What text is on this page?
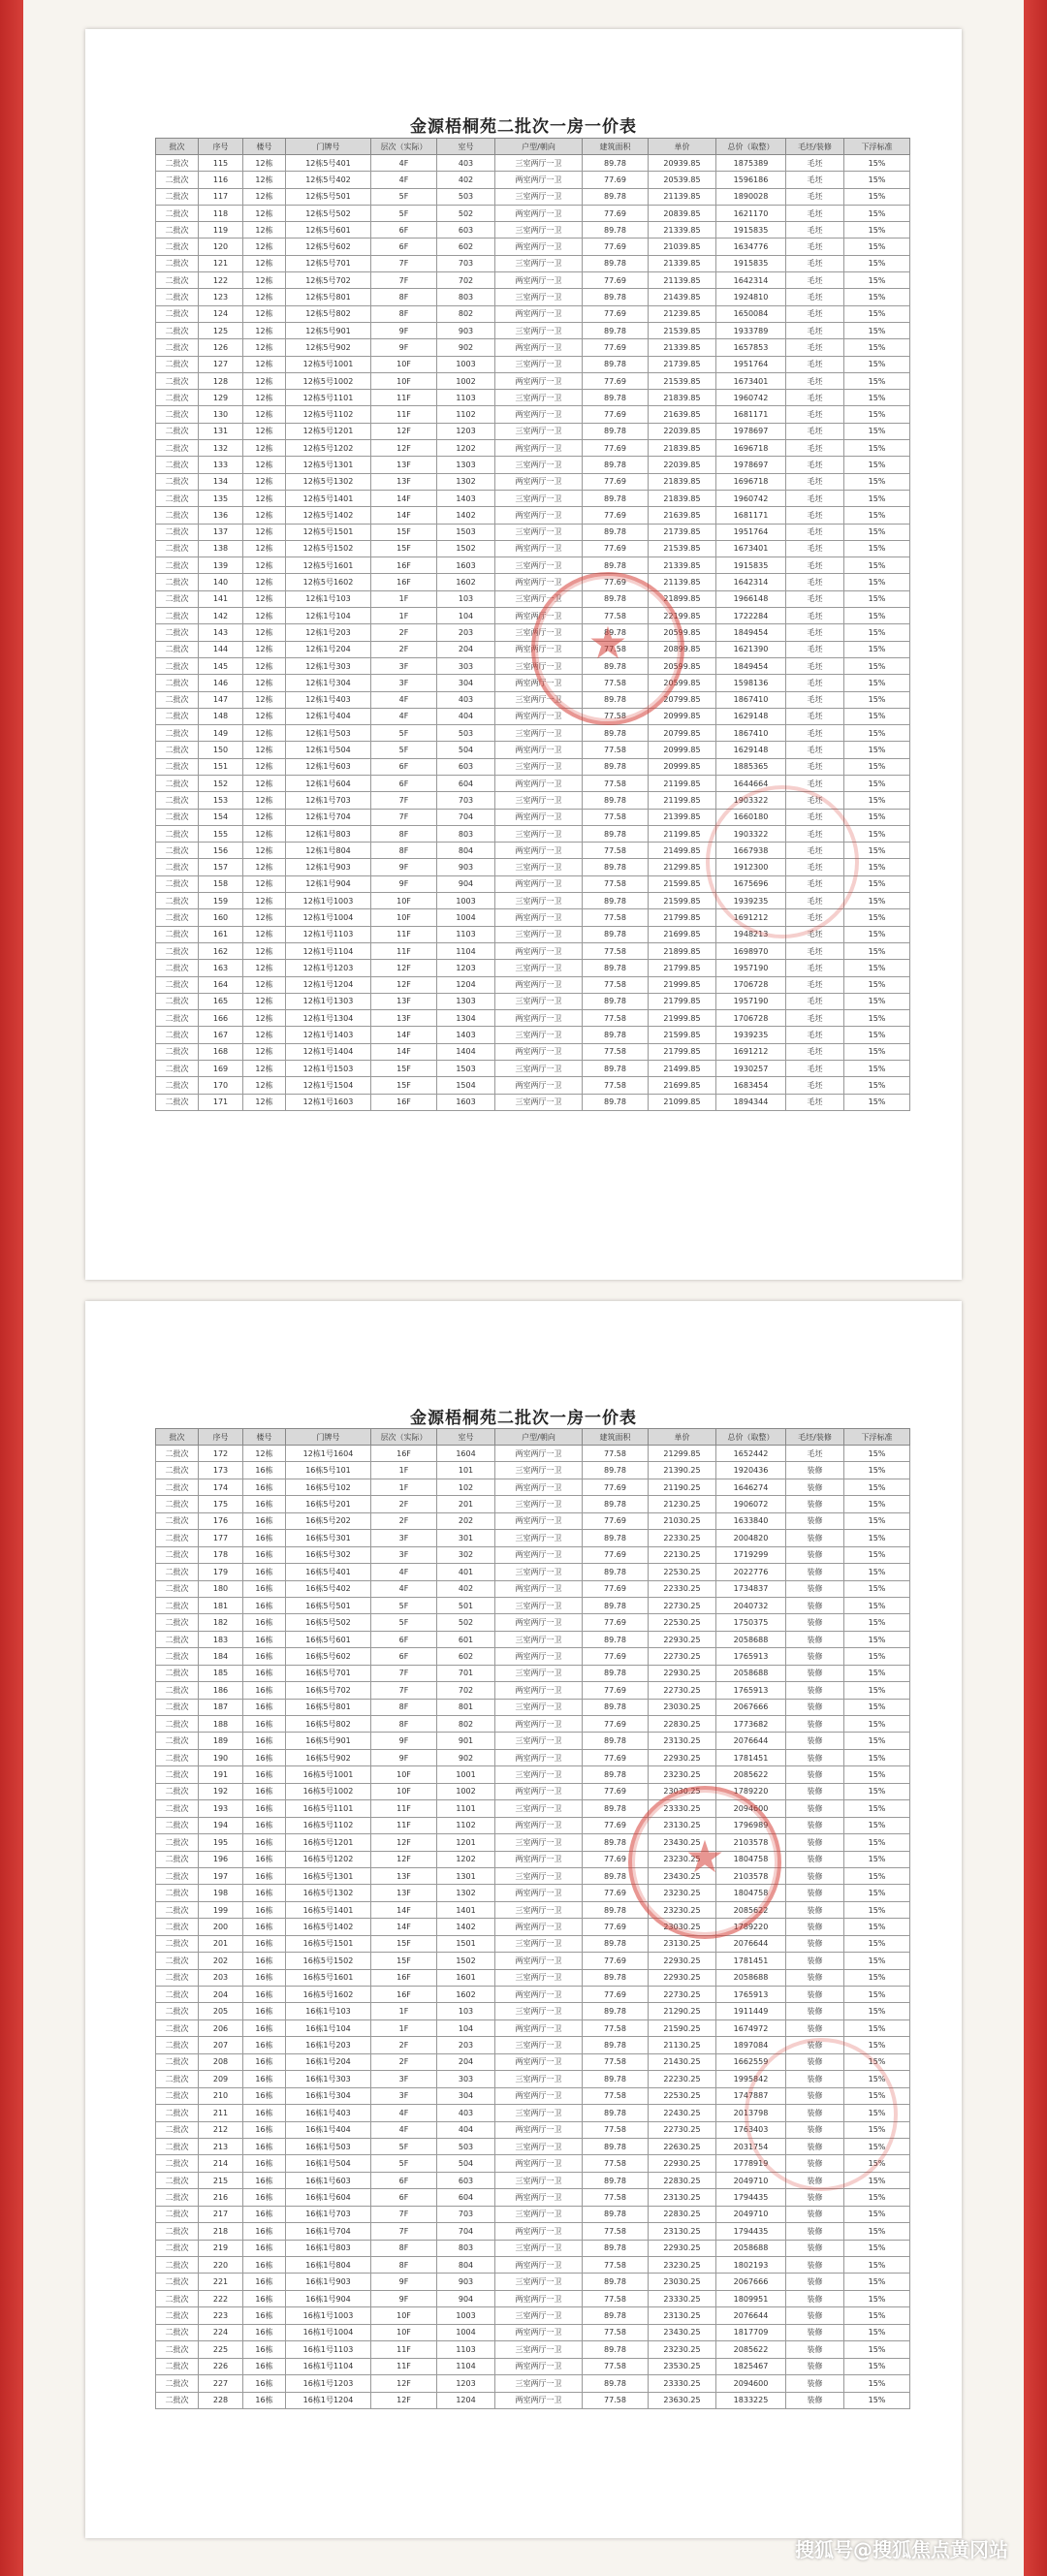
金源梧桐苑二批次一房一价表
批次	序号	楼号	门牌号	层次（实际）	室号	户型/朝向	建筑面积	单价	总价（取整）	毛坯/装修	下浮标准
二批次	115	12栋	12栋5号401	4F	403	三室两厅一卫	89.78	20939.85	1875389	毛坯	15%
二批次	116	12栋	12栋5号402	4F	402	两室两厅一卫	77.69	20539.85	1596186	毛坯	15%
二批次	117	12栋	12栋5号501	5F	503	三室两厅一卫	89.78	21139.85	1890028	毛坯	15%
二批次	118	12栋	12栋5号502	5F	502	两室两厅一卫	77.69	20839.85	1621170	毛坯	15%
二批次	119	12栋	12栋5号601	6F	603	三室两厅一卫	89.78	21339.85	1915835	毛坯	15%
二批次	120	12栋	12栋5号602	6F	602	两室两厅一卫	77.69	21039.85	1634776	毛坯	15%
二批次	121	12栋	12栋5号701	7F	703	三室两厅一卫	89.78	21339.85	1915835	毛坯	15%
二批次	122	12栋	12栋5号702	7F	702	两室两厅一卫	77.69	21139.85	1642314	毛坯	15%
二批次	123	12栋	12栋5号801	8F	803	三室两厅一卫	89.78	21439.85	1924810	毛坯	15%
二批次	124	12栋	12栋5号802	8F	802	两室两厅一卫	77.69	21239.85	1650084	毛坯	15%
二批次	125	12栋	12栋5号901	9F	903	三室两厅一卫	89.78	21539.85	1933789	毛坯	15%
二批次	126	12栋	12栋5号902	9F	902	两室两厅一卫	77.69	21339.85	1657853	毛坯	15%
二批次	127	12栋	12栋5号1001	10F	1003	三室两厅一卫	89.78	21739.85	1951764	毛坯	15%
二批次	128	12栋	12栋5号1002	10F	1002	两室两厅一卫	77.69	21539.85	1673401	毛坯	15%
二批次	129	12栋	12栋5号1101	11F	1103	三室两厅一卫	89.78	21839.85	1960742	毛坯	15%
二批次	130	12栋	12栋5号1102	11F	1102	两室两厅一卫	77.69	21639.85	1681171	毛坯	15%
二批次	131	12栋	12栋5号1201	12F	1203	三室两厅一卫	89.78	22039.85	1978697	毛坯	15%
二批次	132	12栋	12栋5号1202	12F	1202	两室两厅一卫	77.69	21839.85	1696718	毛坯	15%
二批次	133	12栋	12栋5号1301	13F	1303	三室两厅一卫	89.78	22039.85	1978697	毛坯	15%
二批次	134	12栋	12栋5号1302	13F	1302	两室两厅一卫	77.69	21839.85	1696718	毛坯	15%
二批次	135	12栋	12栋5号1401	14F	1403	三室两厅一卫	89.78	21839.85	1960742	毛坯	15%
二批次	136	12栋	12栋5号1402	14F	1402	两室两厅一卫	77.69	21639.85	1681171	毛坯	15%
二批次	137	12栋	12栋5号1501	15F	1503	三室两厅一卫	89.78	21739.85	1951764	毛坯	15%
二批次	138	12栋	12栋5号1502	15F	1502	两室两厅一卫	77.69	21539.85	1673401	毛坯	15%
二批次	139	12栋	12栋5号1601	16F	1603	三室两厅一卫	89.78	21339.85	1915835	毛坯	15%
二批次	140	12栋	12栋5号1602	16F	1602	两室两厅一卫	77.69	21139.85	1642314	毛坯	15%
二批次	141	12栋	12栋1号103	1F	103	三室两厅一卫	89.78	21899.85	1966148	毛坯	15%
二批次	142	12栋	12栋1号104	1F	104	两室两厅一卫	77.58	22199.85	1722284	毛坯	15%
二批次	143	12栋	12栋1号203	2F	203	三室两厅一卫	89.78	20599.85	1849454	毛坯	15%
二批次	144	12栋	12栋1号204	2F	204	两室两厅一卫	77.58	20899.85	1621390	毛坯	15%
二批次	145	12栋	12栋1号303	3F	303	三室两厅一卫	89.78	20599.85	1849454	毛坯	15%
二批次	146	12栋	12栋1号304	3F	304	两室两厅一卫	77.58	20599.85	1598136	毛坯	15%
二批次	147	12栋	12栋1号403	4F	403	三室两厅一卫	89.78	20799.85	1867410	毛坯	15%
二批次	148	12栋	12栋1号404	4F	404	两室两厅一卫	77.58	20999.85	1629148	毛坯	15%
二批次	149	12栋	12栋1号503	5F	503	三室两厅一卫	89.78	20799.85	1867410	毛坯	15%
二批次	150	12栋	12栋1号504	5F	504	两室两厅一卫	77.58	20999.85	1629148	毛坯	15%
二批次	151	12栋	12栋1号603	6F	603	三室两厅一卫	89.78	20999.85	1885365	毛坯	15%
二批次	152	12栋	12栋1号604	6F	604	两室两厅一卫	77.58	21199.85	1644664	毛坯	15%
二批次	153	12栋	12栋1号703	7F	703	三室两厅一卫	89.78	21199.85	1903322	毛坯	15%
二批次	154	12栋	12栋1号704	7F	704	两室两厅一卫	77.58	21399.85	1660180	毛坯	15%
二批次	155	12栋	12栋1号803	8F	803	三室两厅一卫	89.78	21199.85	1903322	毛坯	15%
二批次	156	12栋	12栋1号804	8F	804	两室两厅一卫	77.58	21499.85	1667938	毛坯	15%
二批次	157	12栋	12栋1号903	9F	903	三室两厅一卫	89.78	21299.85	1912300	毛坯	15%
二批次	158	12栋	12栋1号904	9F	904	两室两厅一卫	77.58	21599.85	1675696	毛坯	15%
二批次	159	12栋	12栋1号1003	10F	1003	三室两厅一卫	89.78	21599.85	1939235	毛坯	15%
二批次	160	12栋	12栋1号1004	10F	1004	两室两厅一卫	77.58	21799.85	1691212	毛坯	15%
二批次	161	12栋	12栋1号1103	11F	1103	三室两厅一卫	89.78	21699.85	1948213	毛坯	15%
二批次	162	12栋	12栋1号1104	11F	1104	两室两厅一卫	77.58	21899.85	1698970	毛坯	15%
二批次	163	12栋	12栋1号1203	12F	1203	三室两厅一卫	89.78	21799.85	1957190	毛坯	15%
二批次	164	12栋	12栋1号1204	12F	1204	两室两厅一卫	77.58	21999.85	1706728	毛坯	15%
二批次	165	12栋	12栋1号1303	13F	1303	三室两厅一卫	89.78	21799.85	1957190	毛坯	15%
二批次	166	12栋	12栋1号1304	13F	1304	两室两厅一卫	77.58	21999.85	1706728	毛坯	15%
二批次	167	12栋	12栋1号1403	14F	1403	三室两厅一卫	89.78	21599.85	1939235	毛坯	15%
二批次	168	12栋	12栋1号1404	14F	1404	两室两厅一卫	77.58	21799.85	1691212	毛坯	15%
二批次	169	12栋	12栋1号1503	15F	1503	三室两厅一卫	89.78	21499.85	1930257	毛坯	15%
二批次	170	12栋	12栋1号1504	15F	1504	两室两厅一卫	77.58	21699.85	1683454	毛坯	15%
二批次	171	12栋	12栋1号1603	16F	1603	三室两厅一卫	89.78	21099.85	1894344	毛坯	15%
★
金源梧桐苑二批次一房一价表
批次	序号	楼号	门牌号	层次（实际）	室号	户型/朝向	建筑面积	单价	总价（取整）	毛坯/装修	下浮标准
二批次	172	12栋	12栋1号1604	16F	1604	两室两厅一卫	77.58	21299.85	1652442	毛坯	15%
二批次	173	16栋	16栋5号101	1F	101	三室两厅一卫	89.78	21390.25	1920436	装修	15%
二批次	174	16栋	16栋5号102	1F	102	两室两厅一卫	77.69	21190.25	1646274	装修	15%
二批次	175	16栋	16栋5号201	2F	201	三室两厅一卫	89.78	21230.25	1906072	装修	15%
二批次	176	16栋	16栋5号202	2F	202	两室两厅一卫	77.69	21030.25	1633840	装修	15%
二批次	177	16栋	16栋5号301	3F	301	三室两厅一卫	89.78	22330.25	2004820	装修	15%
二批次	178	16栋	16栋5号302	3F	302	两室两厅一卫	77.69	22130.25	1719299	装修	15%
二批次	179	16栋	16栋5号401	4F	401	三室两厅一卫	89.78	22530.25	2022776	装修	15%
二批次	180	16栋	16栋5号402	4F	402	两室两厅一卫	77.69	22330.25	1734837	装修	15%
二批次	181	16栋	16栋5号501	5F	501	三室两厅一卫	89.78	22730.25	2040732	装修	15%
二批次	182	16栋	16栋5号502	5F	502	两室两厅一卫	77.69	22530.25	1750375	装修	15%
二批次	183	16栋	16栋5号601	6F	601	三室两厅一卫	89.78	22930.25	2058688	装修	15%
二批次	184	16栋	16栋5号602	6F	602	两室两厅一卫	77.69	22730.25	1765913	装修	15%
二批次	185	16栋	16栋5号701	7F	701	三室两厅一卫	89.78	22930.25	2058688	装修	15%
二批次	186	16栋	16栋5号702	7F	702	两室两厅一卫	77.69	22730.25	1765913	装修	15%
二批次	187	16栋	16栋5号801	8F	801	三室两厅一卫	89.78	23030.25	2067666	装修	15%
二批次	188	16栋	16栋5号802	8F	802	两室两厅一卫	77.69	22830.25	1773682	装修	15%
二批次	189	16栋	16栋5号901	9F	901	三室两厅一卫	89.78	23130.25	2076644	装修	15%
二批次	190	16栋	16栋5号902	9F	902	两室两厅一卫	77.69	22930.25	1781451	装修	15%
二批次	191	16栋	16栋5号1001	10F	1001	三室两厅一卫	89.78	23230.25	2085622	装修	15%
二批次	192	16栋	16栋5号1002	10F	1002	两室两厅一卫	77.69	23030.25	1789220	装修	15%
二批次	193	16栋	16栋5号1101	11F	1101	三室两厅一卫	89.78	23330.25	2094600	装修	15%
二批次	194	16栋	16栋5号1102	11F	1102	两室两厅一卫	77.69	23130.25	1796989	装修	15%
二批次	195	16栋	16栋5号1201	12F	1201	三室两厅一卫	89.78	23430.25	2103578	装修	15%
二批次	196	16栋	16栋5号1202	12F	1202	两室两厅一卫	77.69	23230.25	1804758	装修	15%
二批次	197	16栋	16栋5号1301	13F	1301	三室两厅一卫	89.78	23430.25	2103578	装修	15%
二批次	198	16栋	16栋5号1302	13F	1302	两室两厅一卫	77.69	23230.25	1804758	装修	15%
二批次	199	16栋	16栋5号1401	14F	1401	三室两厅一卫	89.78	23230.25	2085622	装修	15%
二批次	200	16栋	16栋5号1402	14F	1402	两室两厅一卫	77.69	23030.25	1789220	装修	15%
二批次	201	16栋	16栋5号1501	15F	1501	三室两厅一卫	89.78	23130.25	2076644	装修	15%
二批次	202	16栋	16栋5号1502	15F	1502	两室两厅一卫	77.69	22930.25	1781451	装修	15%
二批次	203	16栋	16栋5号1601	16F	1601	三室两厅一卫	89.78	22930.25	2058688	装修	15%
二批次	204	16栋	16栋5号1602	16F	1602	两室两厅一卫	77.69	22730.25	1765913	装修	15%
二批次	205	16栋	16栋1号103	1F	103	三室两厅一卫	89.78	21290.25	1911449	装修	15%
二批次	206	16栋	16栋1号104	1F	104	两室两厅一卫	77.58	21590.25	1674972	装修	15%
二批次	207	16栋	16栋1号203	2F	203	三室两厅一卫	89.78	21130.25	1897084	装修	15%
二批次	208	16栋	16栋1号204	2F	204	两室两厅一卫	77.58	21430.25	1662559	装修	15%
二批次	209	16栋	16栋1号303	3F	303	三室两厅一卫	89.78	22230.25	1995842	装修	15%
二批次	210	16栋	16栋1号304	3F	304	两室两厅一卫	77.58	22530.25	1747887	装修	15%
二批次	211	16栋	16栋1号403	4F	403	三室两厅一卫	89.78	22430.25	2013798	装修	15%
二批次	212	16栋	16栋1号404	4F	404	两室两厅一卫	77.58	22730.25	1763403	装修	15%
二批次	213	16栋	16栋1号503	5F	503	三室两厅一卫	89.78	22630.25	2031754	装修	15%
二批次	214	16栋	16栋1号504	5F	504	两室两厅一卫	77.58	22930.25	1778919	装修	15%
二批次	215	16栋	16栋1号603	6F	603	三室两厅一卫	89.78	22830.25	2049710	装修	15%
二批次	216	16栋	16栋1号604	6F	604	两室两厅一卫	77.58	23130.25	1794435	装修	15%
二批次	217	16栋	16栋1号703	7F	703	三室两厅一卫	89.78	22830.25	2049710	装修	15%
二批次	218	16栋	16栋1号704	7F	704	两室两厅一卫	77.58	23130.25	1794435	装修	15%
二批次	219	16栋	16栋1号803	8F	803	三室两厅一卫	89.78	22930.25	2058688	装修	15%
二批次	220	16栋	16栋1号804	8F	804	两室两厅一卫	77.58	23230.25	1802193	装修	15%
二批次	221	16栋	16栋1号903	9F	903	三室两厅一卫	89.78	23030.25	2067666	装修	15%
二批次	222	16栋	16栋1号904	9F	904	两室两厅一卫	77.58	23330.25	1809951	装修	15%
二批次	223	16栋	16栋1号1003	10F	1003	三室两厅一卫	89.78	23130.25	2076644	装修	15%
二批次	224	16栋	16栋1号1004	10F	1004	两室两厅一卫	77.58	23430.25	1817709	装修	15%
二批次	225	16栋	16栋1号1103	11F	1103	三室两厅一卫	89.78	23230.25	2085622	装修	15%
二批次	226	16栋	16栋1号1104	11F	1104	两室两厅一卫	77.58	23530.25	1825467	装修	15%
二批次	227	16栋	16栋1号1203	12F	1203	三室两厅一卫	89.78	23330.25	2094600	装修	15%
二批次	228	16栋	16栋1号1204	12F	1204	两室两厅一卫	77.58	23630.25	1833225	装修	15%
★
搜狐号@搜狐焦点黄冈站
